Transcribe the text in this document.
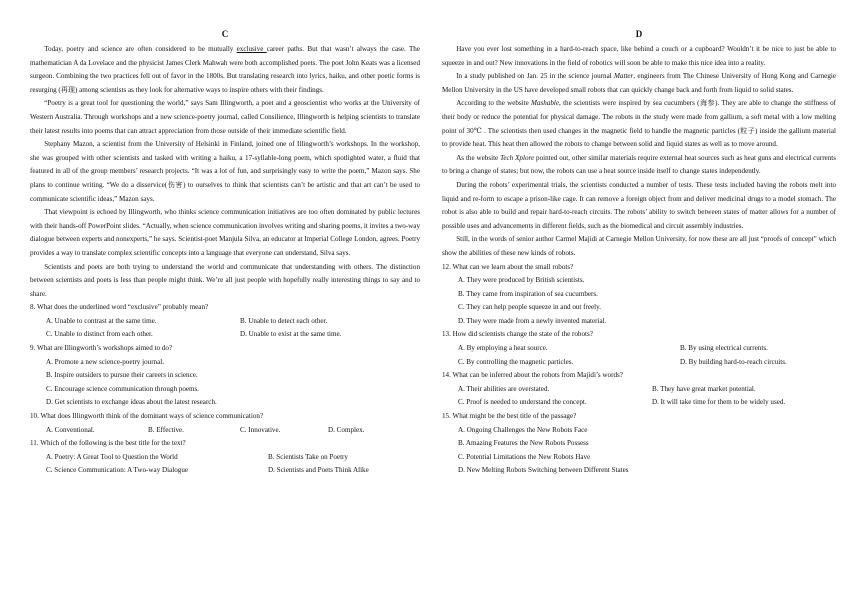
C

Today, poetry and science are often considered to be mutually exclusive career paths. But that wasn’t always the case. The mathematician A da Lovelace and the physicist James Clerk Mahwah were both accomplished poets. The poet John Keats was a licensed surgeon. Combining the two practices fell out of favor in the 1800s. But translating research into lyrics, haiku, and other poetic forms is resurging (再现) among scientists as they look for alternative ways to inspire others with their findings.

“Poetry is a great tool for questioning the world,” says Sam Illingworth, a poet and a geoscientist who works at the University of Western Australia. Through workshops and a new science-poetry journal, called Consilience, Illingworth is helping scientists to translate their latest results into poems that can attract appreciation from those outside of their immediate scientific field.

Stephany Mazon, a scientist from the University of Helsinki in Finland, joined one of Illingworth’s workshops. In the workshop, she was grouped with other scientists and tasked with writing a haiku, a 17-syllable-long poem, which spotlighted water, a fluid that featured in all of the group members’ research projects. “It was a lot of fun, and surprisingly easy to write the poem,” Mazon says. She plans to continue writing. “We do a disservice(伤害) to ourselves to think that scientists can’t be artistic and that art can’t be used to communicate scientific ideas,” Mazon says.

That viewpoint is echoed by Illingworth, who thinks science communication initiatives are too often dominated by public lectures with their hands-off PowerPoint slides. “Actually, when science communication involves writing and sharing poems, it invites a two-way dialogue between experts and nonexperts,” he says. Scientist-poet Manjula Silva, an educator at Imperial College London, agrees. Poetry provides a way to translate complex scientific concepts into a language that everyone can understand, Silva says.

Scientists and poets are both trying to understand the world and communicate that understanding with others. The distinction between scientists and poets is less than people might think. We’re all just people with hopefully really interesting things to say and to share.

8. What does the underlined word “exclusive” probably mean?
A. Unable to contrast at the same time.	B. Unable to detect each other.
C. Unable to distinct from each other.	D. Unable to exist at the same time.
9. What are Illingworth’s workshops aimed to do?
A. Promote a new science-poetry journal.
B. Inspire outsiders to pursue their careers in science.
C. Encourage science communication through poems.
D. Get scientists to exchange ideas about the latest research.
10. What does Illingworth think of the dominant ways of science communication?
A. Conventional.	B. Effective.	C. Innovative.	D. Complex.
11. Which of the following is the best title for the text?
A. Poetry: A Great Tool to Question the World	B. Scientists Take on Poetry
C. Science Communication: A Two-way Dialogue	D. Scientists and Poets Think Alike
D

Have you ever lost something in a hard-to-reach space, like behind a couch or a cupboard? Wouldn’t it be nice to just be able to squeeze in and out? New innovations in the field of robotics will soon be able to make this nice idea into a reality.

In a study published on Jan. 25 in the science journal Matter, engineers from The Chinese University of Hong Kong and Carnegie Mellon University in the US have developed small robots that can quickly change back and forth from liquid to solid states.

According to the website Mashable, the scientists were inspired by sea cucumbers (海参). They are able to change the stiffness of their body or reduce the potential for physical damage. The robots in the study were made from gallium, a soft metal with a low melting point of 30℃ . The scientists then used changes in the magnetic field to handle the magnetic particles (粒子) inside the gallium material to provide heat. This heat then allowed the robots to change between solid and liquid states as well as to move around.

As the website Tech Xplore pointed out, other similar materials require external heat sources such as heat guns and electrical currents to bring a change of states; but now, the robots can use a heat source inside itself to change states independently.

During the robots’ experimental trials, the scientists conducted a number of tests. These tests included having the robots melt into liquid and re-form to escape a prison-like cage. It can remove a foreign object from and deliver medicinal drugs to a model stomach. The robot is also able to build and repair hard-to-reach circuits. The robots’ ability to switch between states of matter allows for a number of possible uses and advancements in different fields, such as the biomedical and circuit assembly industries.

Still, in the words of senior author Carmel Majidi at Carnegie Mellon University, for now these are all just “proofs of concept” which show the abilities of these new kinds of robots.

12. What can we learn about the small robots?
A. They were produced by British scientists.
B. They came from inspiration of sea cucumbers.
C. They can help people squeeze in and out freely.
D. They were made from a newly invented material.
13. How did scientists change the state of the robots?
A. By employing a heat source.	B. By using electrical currents.
C. By controlling the magnetic particles.	D. By building hard-to-reach circuits.
14. What can be inferred about the robots from Majidi’s words?
A. Their abilities are overstated.	B. They have great market potential.
C. Proof is needed to understand the concept.	D. It will take time for them to be widely used.
15. What might be the best title of the passage?
A. Ongoing Challenges the New Robots Face
B. Amazing Features the New Robots Possess
C. Potential Limitations the New Robots Have
D. New Melting Robots Switching between Different States
